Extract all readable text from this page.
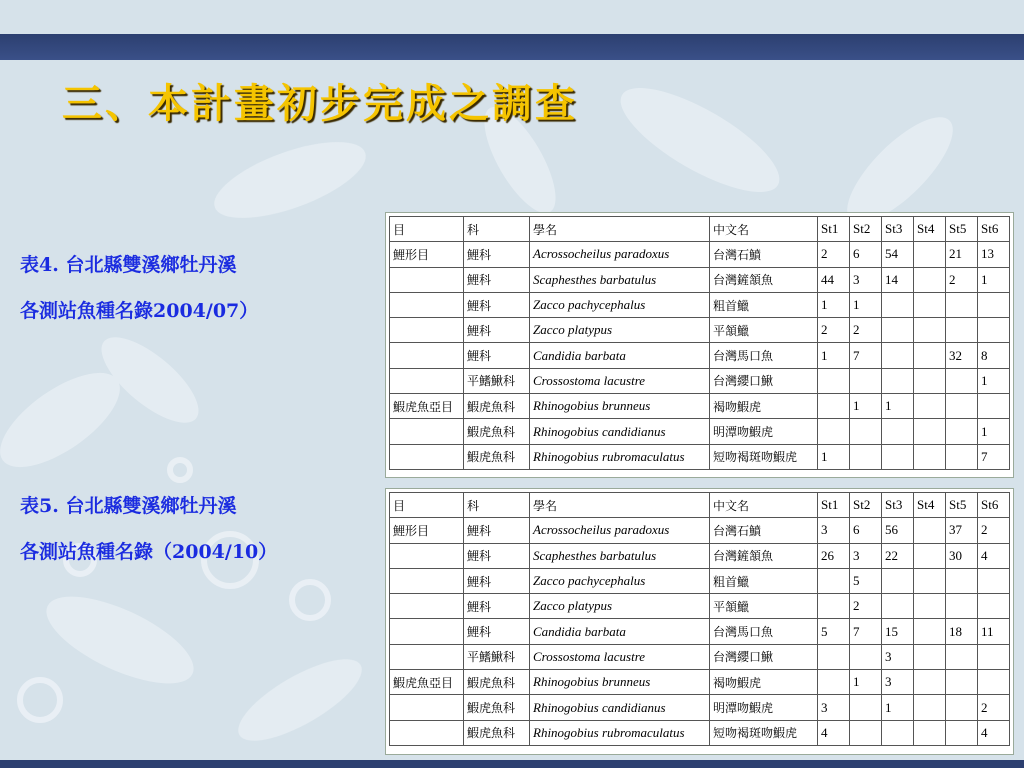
三、本計畫初步完成之調查
表4. 台北縣雙溪鄉牡丹溪
各測站魚種名錄2004/07）
表5. 台北縣雙溪鄉牡丹溪
各測站魚種名錄（2004/10）
目	科	學名	中文名	St1	St2	St3	St4	St5	St6
鯉形目	鯉科	Acrossocheilus paradoxus	台灣石鱝	2	6	54		21	13
	鯉科	Scaphesthes barbatulus	台灣鏟頷魚	44	3	14		2	1
	鯉科	Zacco pachycephalus	粗首鱲	1	1				
	鯉科	Zacco platypus	平頷鱲	2	2				
	鯉科	Candidia barbata	台灣馬口魚	1	7			32	8
	平鰭鰍科	Crossostoma lacustre	台灣纓口鰍						1
鰕虎魚亞目	鰕虎魚科	Rhinogobius brunneus	褐吻鰕虎		1	1			
	鰕虎魚科	Rhinogobius candidianus	明潭吻鰕虎						1
	鰕虎魚科	Rhinogobius rubromaculatus	短吻褐斑吻鰕虎	1					7
目	科	學名	中文名	St1	St2	St3	St4	St5	St6
鯉形目	鯉科	Acrossocheilus paradoxus	台灣石鱝	3	6	56		37	2
	鯉科	Scaphesthes barbatulus	台灣鏟頷魚	26	3	22		30	4
	鯉科	Zacco pachycephalus	粗首鱲		5				
	鯉科	Zacco platypus	平頷鱲		2				
	鯉科	Candidia barbata	台灣馬口魚	5	7	15		18	11
	平鰭鰍科	Crossostoma lacustre	台灣纓口鰍			3			
鰕虎魚亞目	鰕虎魚科	Rhinogobius brunneus	褐吻鰕虎		1	3			
	鰕虎魚科	Rhinogobius candidianus	明潭吻鰕虎	3		1			2
	鰕虎魚科	Rhinogobius rubromaculatus	短吻褐斑吻鰕虎	4					4
